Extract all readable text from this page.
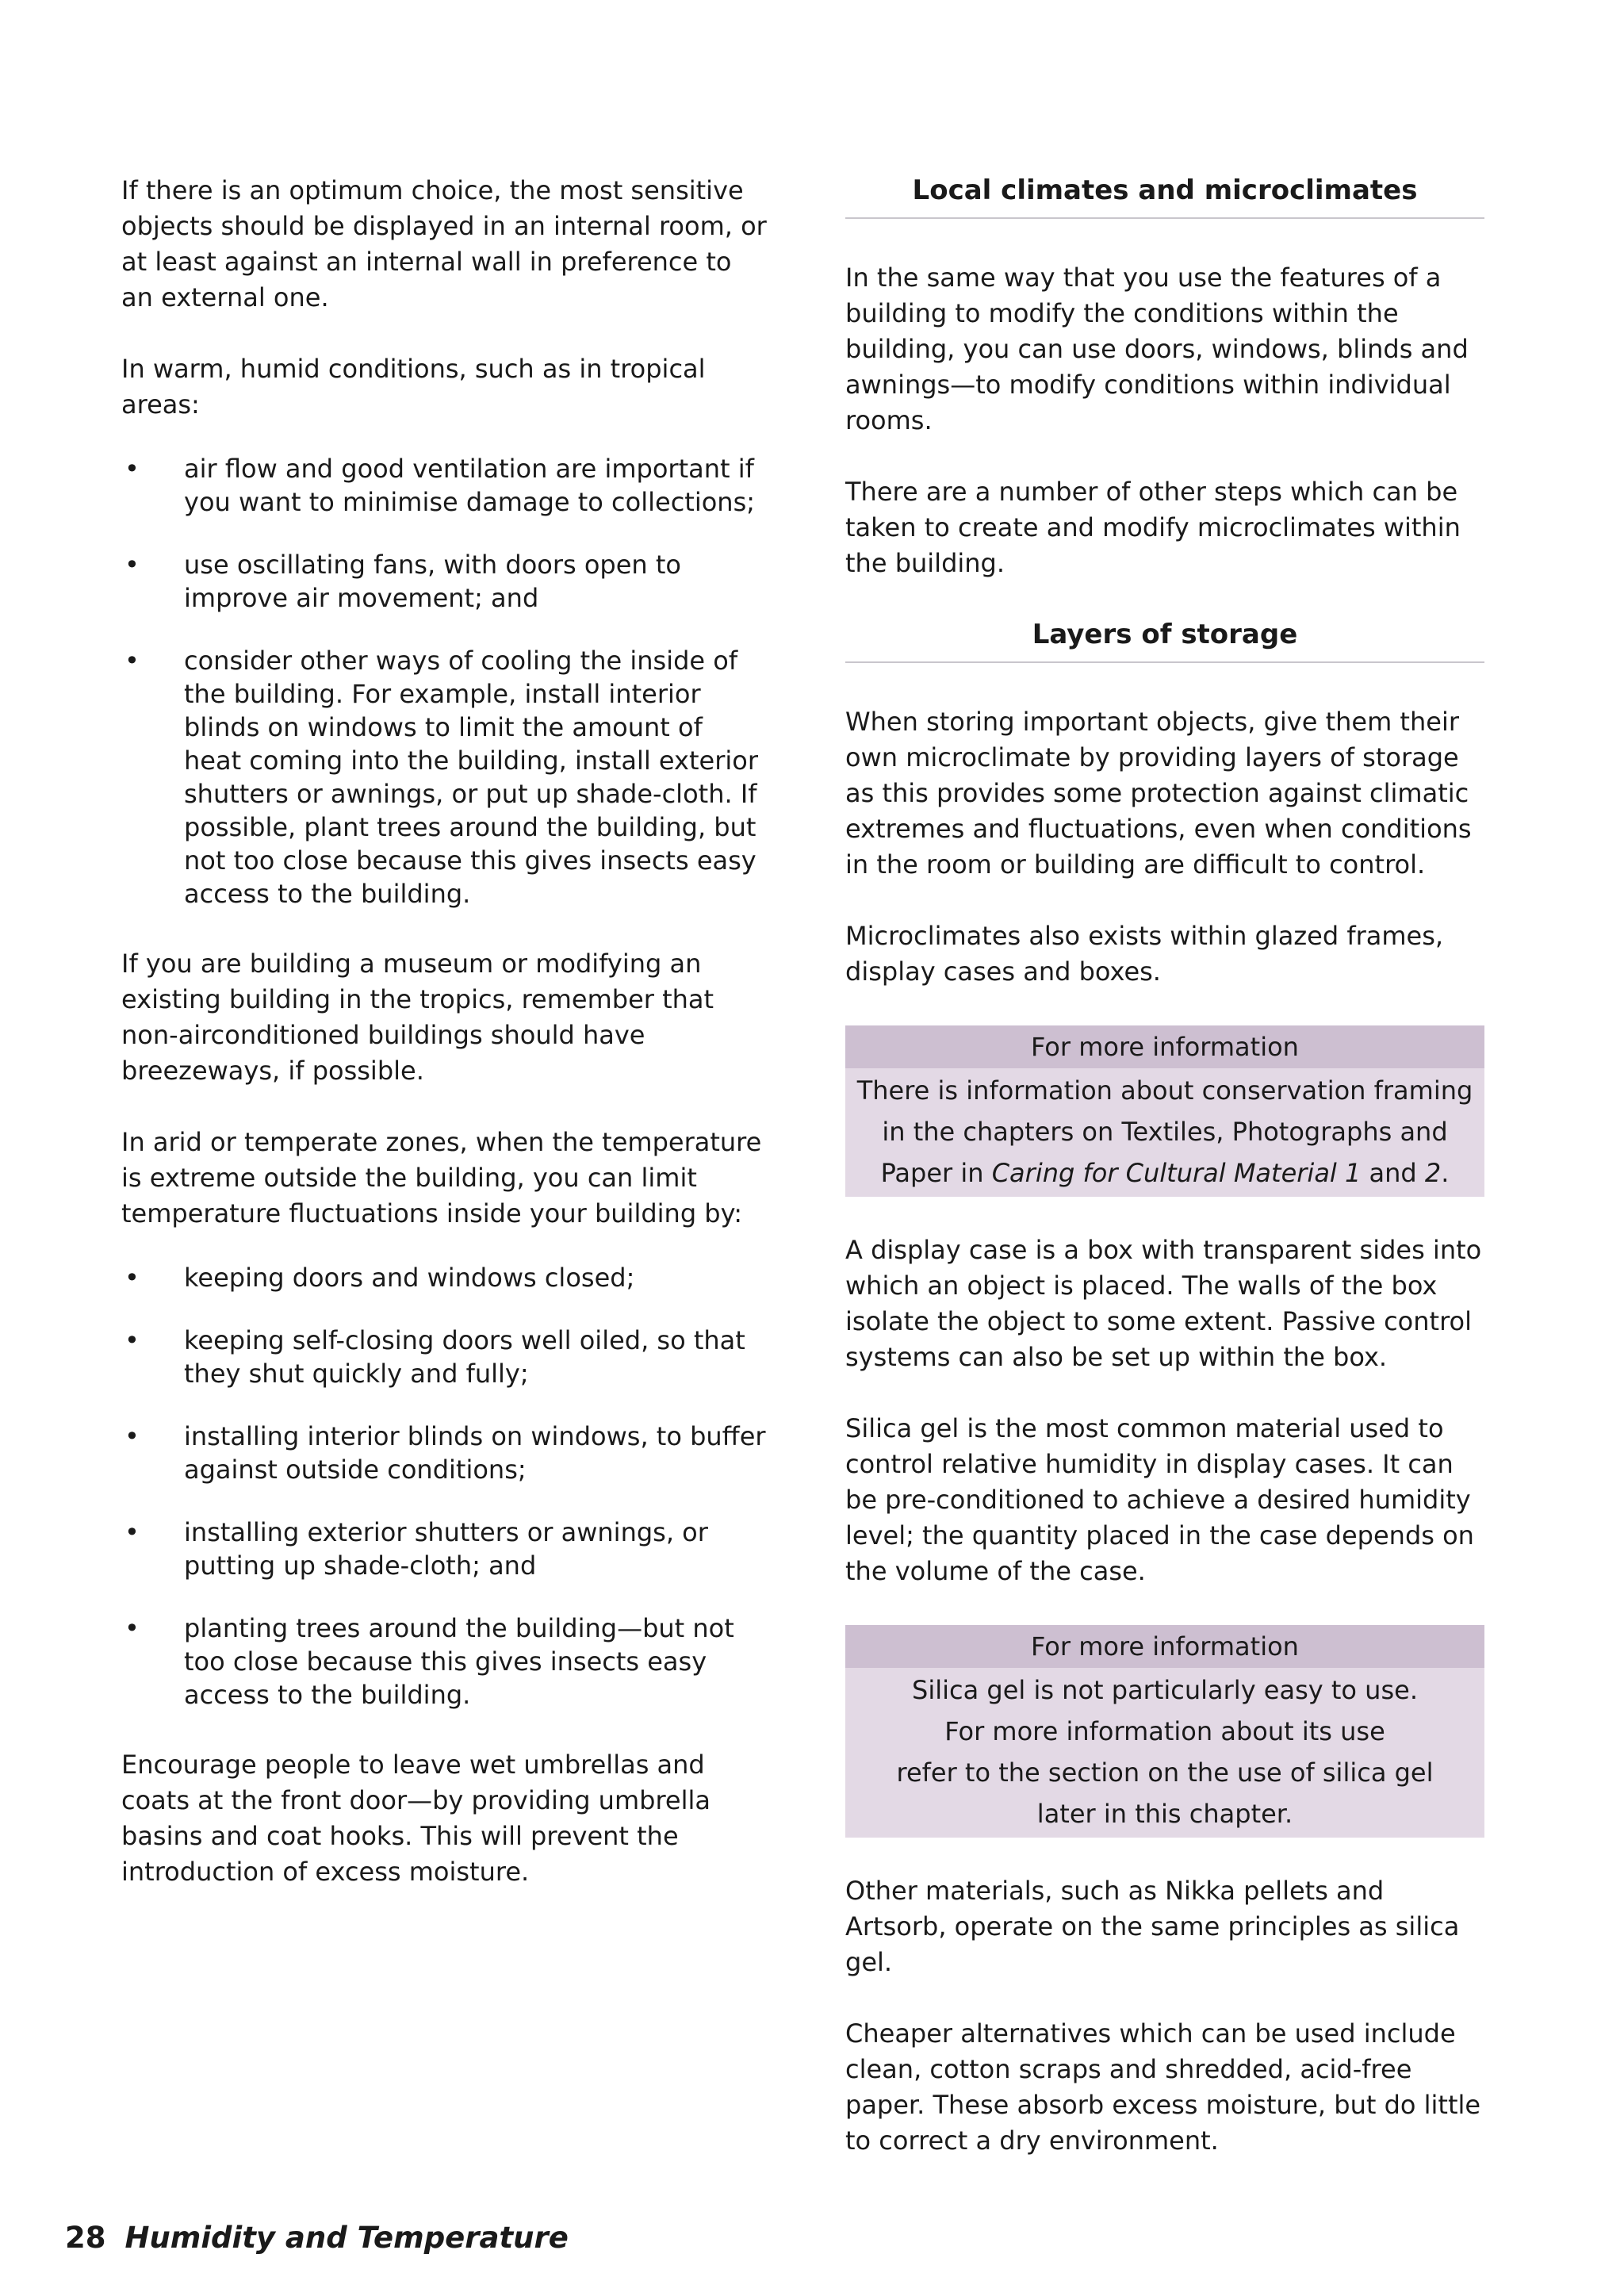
If there is an optimum choice, the most sensitive objects should be displayed in an internal room, or at least against an internal wall in preference to an external one.

In warm, humid conditions, such as in tropical areas:

• air flow and good ventilation are important if you want to minimise damage to collections;
• use oscillating fans, with doors open to improve air movement; and
• consider other ways of cooling the inside of the building. For example, install interior blinds on windows to limit the amount of heat coming into the building, install exterior shutters or awnings, or put up shade-cloth. If possible, plant trees around the building, but not too close because this gives insects easy access to the building.

If you are building a museum or modifying an existing building in the tropics, remember that non-airconditioned buildings should have breezeways, if possible.

In arid or temperate zones, when the temperature is extreme outside the building, you can limit temperature fluctuations inside your building by:

• keeping doors and windows closed;
• keeping self-closing doors well oiled, so that they shut quickly and fully;
• installing interior blinds on windows, to buffer against outside conditions;
• installing exterior shutters or awnings, or putting up shade-cloth; and
• planting trees around the building—but not too close because this gives insects easy access to the building.

Encourage people to leave wet umbrellas and coats at the front door—by providing umbrella basins and coat hooks. This will prevent the introduction of excess moisture.

Local climates and microclimates

In the same way that you use the features of a building to modify the conditions within the building, you can use doors, windows, blinds and awnings—to modify conditions within individual rooms.

There are a number of other steps which can be taken to create and modify microclimates within the building.

Layers of storage

When storing important objects, give them their own microclimate by providing layers of storage as this provides some protection against climatic extremes and fluctuations, even when conditions in the room or building are difficult to control.

Microclimates also exists within glazed frames, display cases and boxes.

For more information
There is information about conservation framing
in the chapters on Textiles, Photographs and
Paper in Caring for Cultural Material 1 and 2.

A display case is a box with transparent sides into which an object is placed. The walls of the box isolate the object to some extent. Passive control systems can also be set up within the box.

Silica gel is the most common material used to control relative humidity in display cases. It can be pre-conditioned to achieve a desired humidity level; the quantity placed in the case depends on the volume of the case.

For more information
Silica gel is not particularly easy to use.
For more information about its use
refer to the section on the use of silica gel
later in this chapter.

Other materials, such as Nikka pellets and Artsorb, operate on the same principles as silica gel.

Cheaper alternatives which can be used include clean, cotton scraps and shredded, acid-free paper. These absorb excess moisture, but do little to correct a dry environment.

28 Humidity and Temperature
